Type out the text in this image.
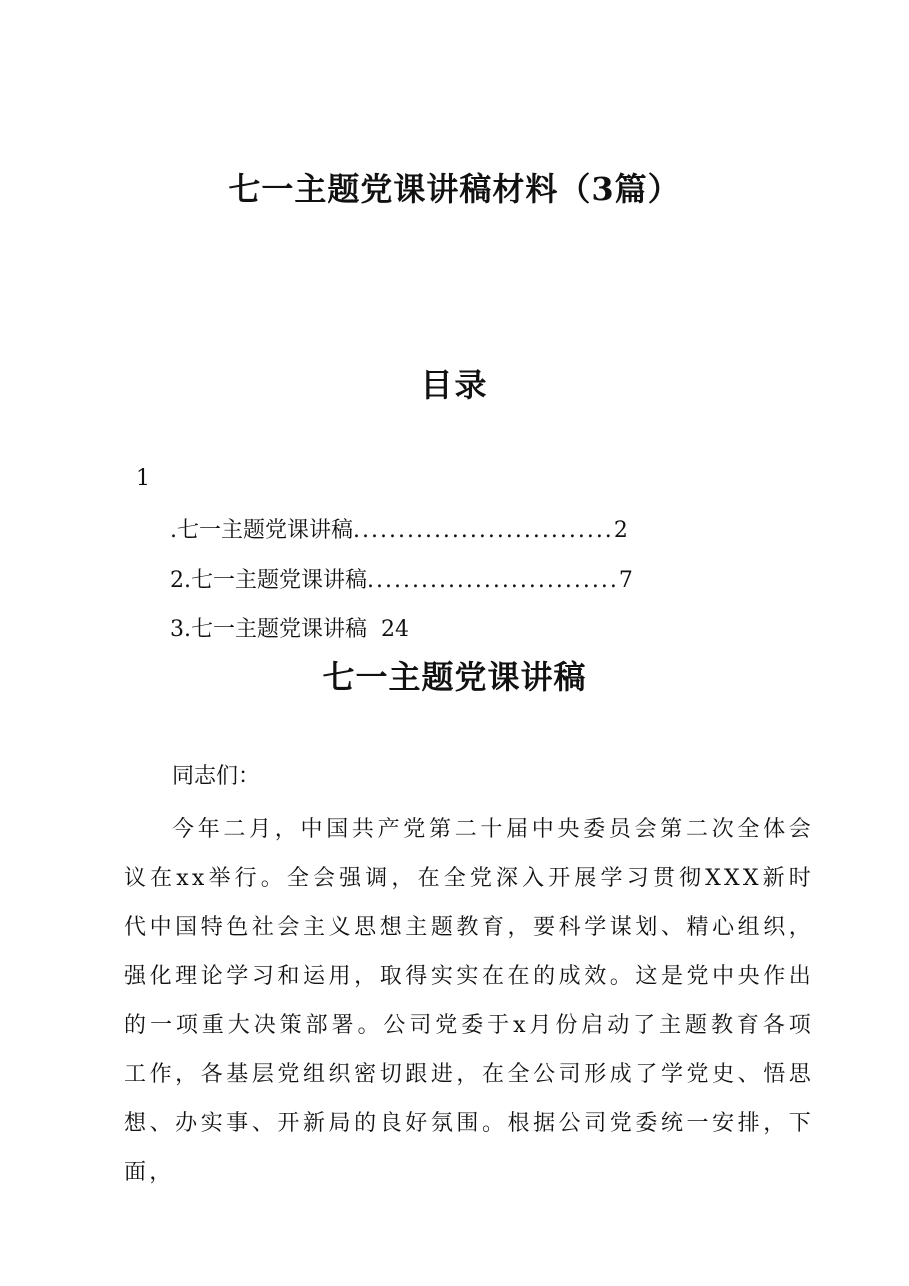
七一主题党课讲稿材料（3篇）
目录
1
.七一主题党课讲稿.............................2
2.七一主题党课讲稿............................7
3.七一主题党课讲稿 24
七一主题党课讲稿
同志们：
今年二月，中国共产党第二十届中央委员会第二次全体会议在xx举行。全会强调，在全党深入开展学习贯彻XXX新时代中国特色社会主义思想主题教育，要科学谋划、精心组织，强化理论学习和运用，取得实实在在的成效。这是党中央作出的一项重大决策部署。公司党委于x月份启动了主题教育各项工作，各基层党组织密切跟进，在全公司形成了学党史、悟思想、办实事、开新局的良好氛围。根据公司党委统一安排，下面，
